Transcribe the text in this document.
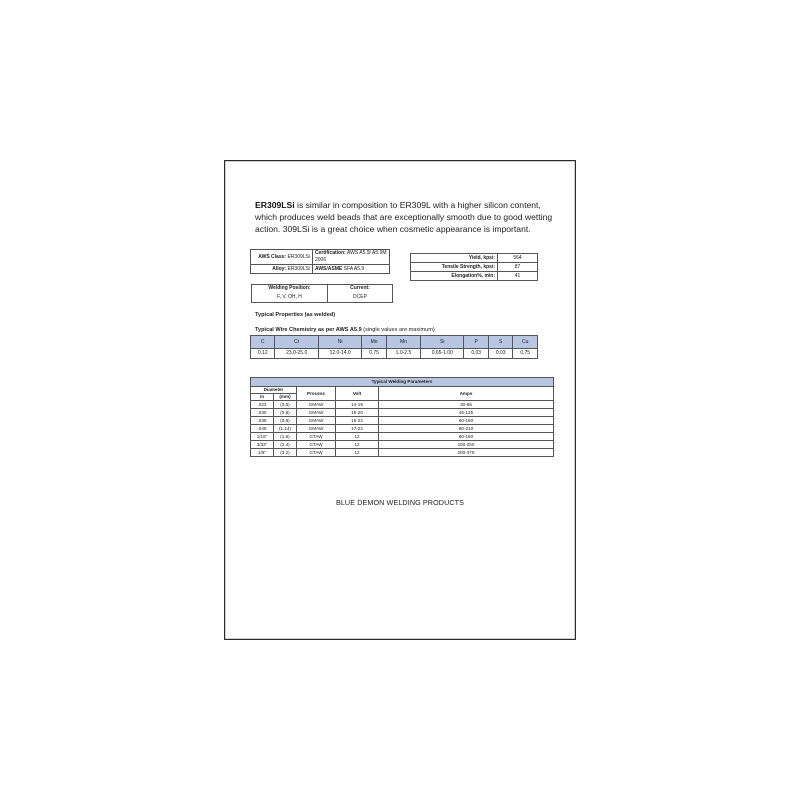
ER309LSi is similar in composition to ER309L with a higher silicon content, which produces weld beads that are exceptionally smooth due to good wetting action. 309LSi is a great choice when cosmetic appearance is important.
AWS Class: ER309LSi	Certification: AWS A5.9/ A5.9M 2006
Alloy: ER309LSi	AWS/ASME SFA A5.9
Yield, kpsi:	564
Tensile Strength, kpsi:	87
Elongation%, min:	41
Welding Position:	Current:
F, V, OH, H	DCEP
Typical Properties (as welded)
Typical Wire Chemistry as per AWS A5.9 (single values are maximum)
C	Cr	Ni	Mo	Mn	Si	P	S	Cu
0.12	23.0-25.0	12.0-14.0	0.75	1.0-2.5	0.65-1.00	0.03	0.03	0.75
Typical Welding Parameters				
Diameter		Process	Volt	Amps
in	(mm)			
.023	(0.6)	GMAW	14-19	30-85
.030	(0.8)	GMAW	15-20	45-125
.035	(0.9)	GMAW	16-22	60-150
.045	(1.14)	GMAW	17-22	90-210
1/16"	(1.6)	GTAW	12	80-150
3/32"	(2.4)	GTAW	12	150-250
1/8"	(3.2)	GTAW	12	200-375
BLUE DEMON WELDING PRODUCTS
